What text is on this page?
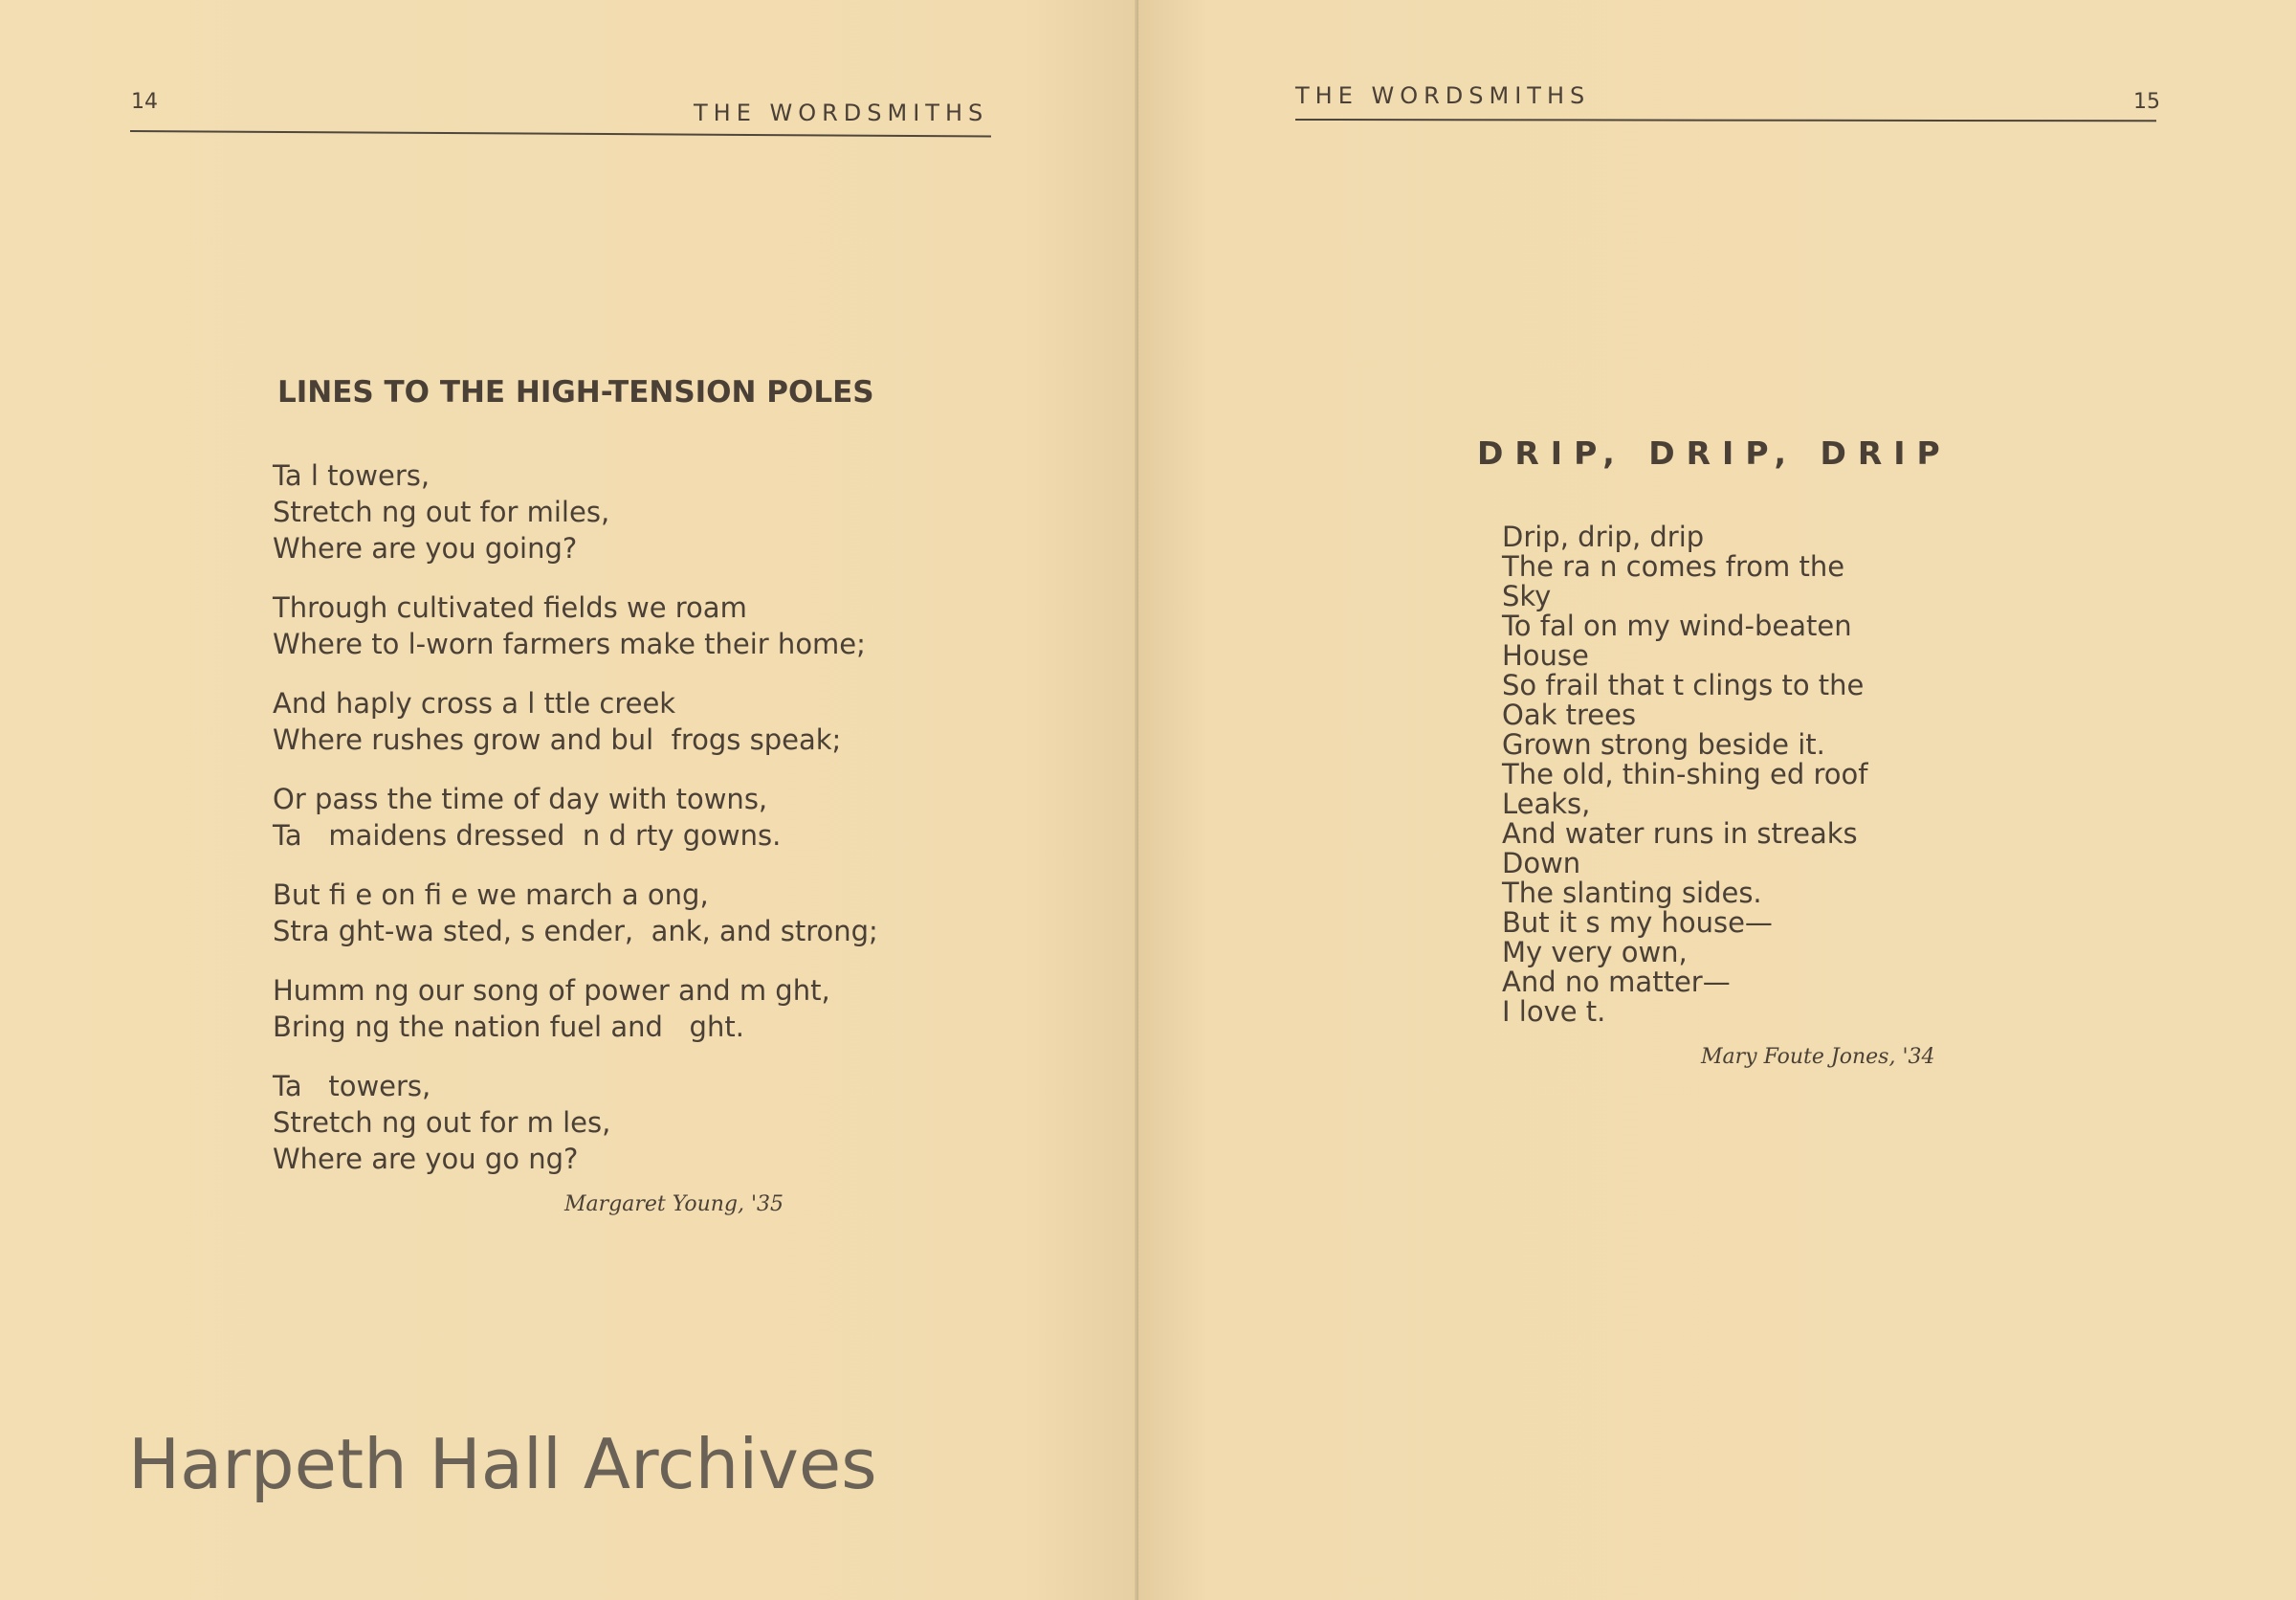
14	THE WORDSMITHS
LINES TO THE HIGH-TENSION POLES
Ta l towers,
Stretch ng out for miles,
Where are you going?
Through cultivated fields we roam
Where to l-worn farmers make their home;
And haply cross a l ttle creek
Where rushes grow and bul  frogs speak;
Or pass the time of day with towns,
Ta   maidens dressed  n d rty gowns.
But fi e on fi e we march a ong,
Stra ght-wa sted, s ender,  ank, and strong;
Humm ng our song of power and m ght,
Bring ng the nation fuel and   ght.
Ta   towers,
Stretch ng out for m les,
Where are you go ng?
Margaret Young, '35
Harpeth Hall Archives
THE WORDSMITHS	15
DRIP, DRIP, DRIP
Drip, drip, drip
The ra n comes from the
Sky
To fal on my wind-beaten
House
So frail that t clings to the
Oak trees
Grown strong beside it.
The old, thin-shing ed roof
Leaks,
And water runs in streaks
Down
The slanting sides.
But it s my house—
My very own,
And no matter—
I love t.
Mary Foute Jones, '34
